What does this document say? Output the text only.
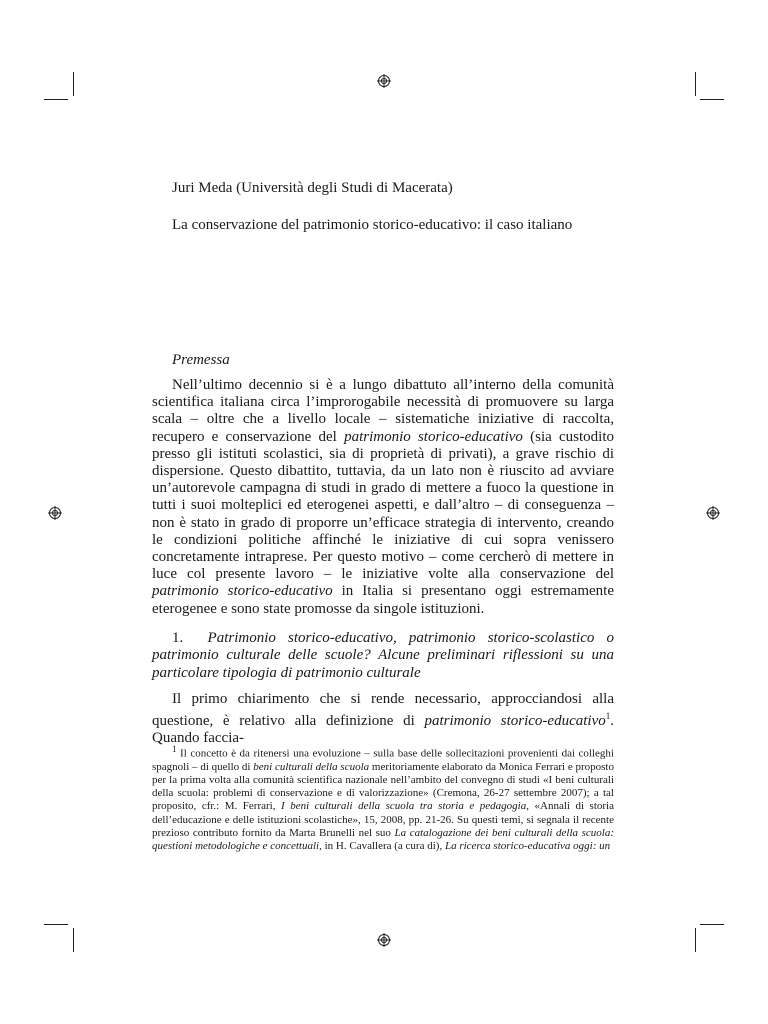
Juri Meda (Università degli Studi di Macerata)
La conservazione del patrimonio storico-educativo: il caso italiano
Premessa

Nell’ultimo decennio si è a lungo dibattuto all’interno della comunità scientifica italiana circa l’improrogabile necessità di promuovere su larga scala – oltre che a livello locale – sistematiche iniziative di raccolta, recupero e conservazione del patrimonio storico-educativo (sia custodito presso gli istituti scolastici, sia di proprietà di privati), a grave rischio di dispersione. Questo dibattito, tuttavia, da un lato non è riuscito ad avviare un’autorevole campagna di studi in grado di mettere a fuoco la questione in tutti i suoi molteplici ed eterogenei aspetti, e dall’altro – di conseguenza – non è stato in grado di proporre un’efficace strategia di intervento, creando le condizioni politiche affinché le iniziative di cui sopra venissero concretamente intraprese. Per questo motivo – come cercherò di mettere in luce col presente lavoro – le iniziative volte alla conservazione del patrimonio storico-educativo in Italia si presentano oggi estremamente eterogenee e sono state promosse da singole istituzioni.

1. Patrimonio storico-educativo, patrimonio storico-scolastico o patrimonio culturale delle scuole? Alcune preliminari riflessioni su una particolare tipologia di patrimonio culturale

Il primo chiarimento che si rende necessario, approcciandosi alla questione, è relativo alla definizione di patrimonio storico-educativo$^1$. Quando faccia-

$^1$ Il concetto è da ritenersi una evoluzione – sulla base delle sollecitazioni provenienti dai colleghi spagnoli – di quello di beni culturali della scuola meritoriamente elaborato da Monica Ferrari e proposto per la prima volta alla comunità scientifica nazionale nell’ambito del convegno di studi «I beni culturali della scuola: problemi di conservazione e di valorizzazione» (Cremona, 26-27 settembre 2007); a tal proposito, cfr.: M. Ferrari, I beni culturali della scuola tra storia e pedagogia, «Annali di storia dell’educazione e delle istituzioni scolastiche», 15, 2008, pp. 21-26. Su questi temi, si segnala il recente prezioso contributo fornito da Marta Brunelli nel suo La catalogazione dei beni culturali della scuola: questioni metodologiche e concettuali, in H. Cavallera (a cura di), La ricerca storico-educativa oggi: un
